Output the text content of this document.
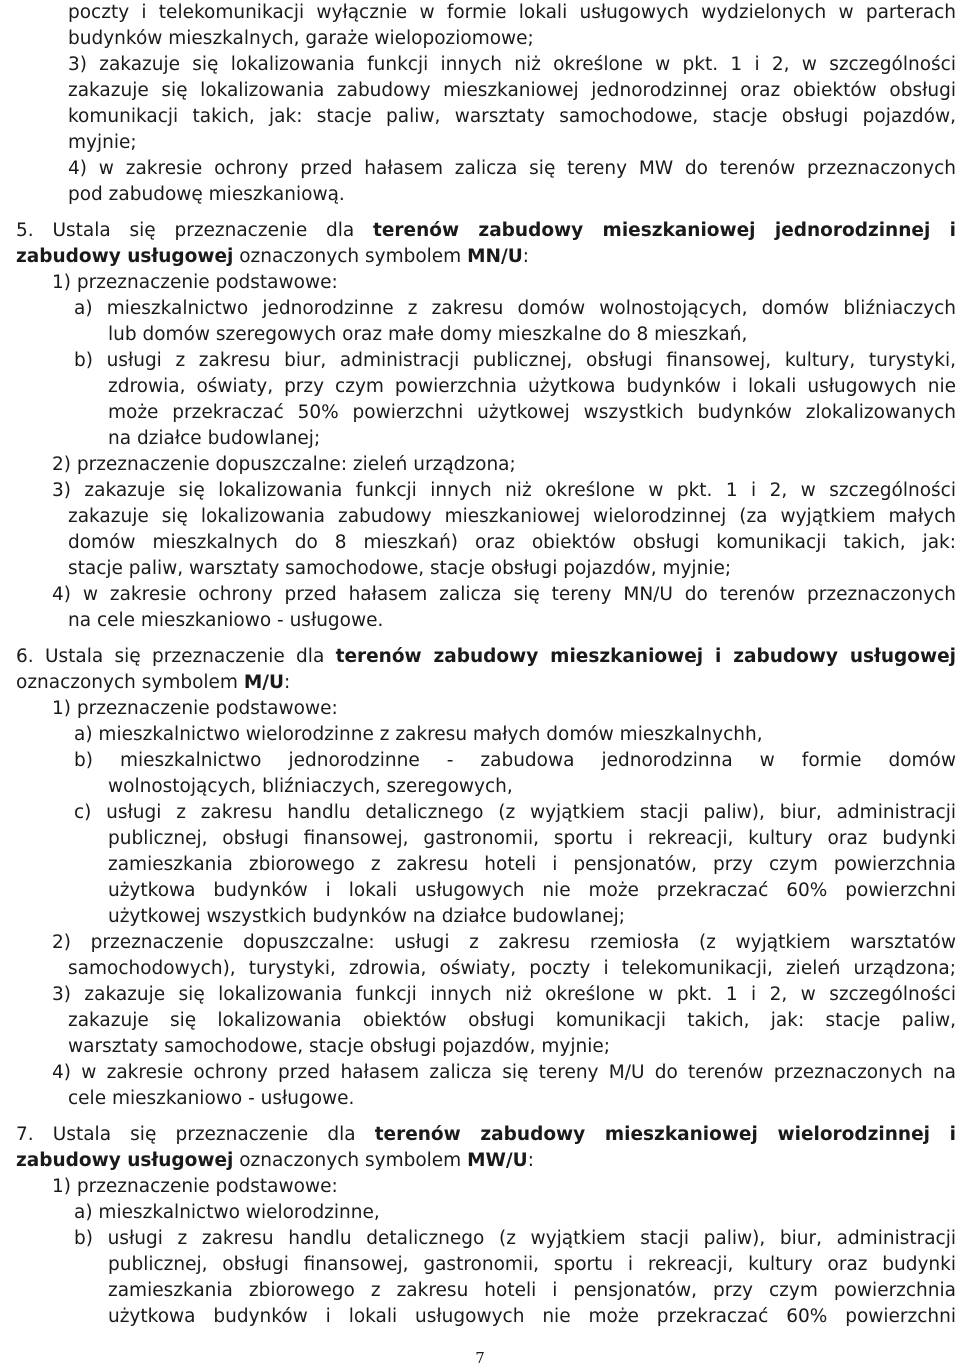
poczty i telekomunikacji wyłącznie w formie lokali usługowych wydzielonych w parterach
budynków mieszkalnych, garaże wielopoziomowe;
3) zakazuje się lokalizowania funkcji innych niż określone w pkt. 1 i 2, w szczególności
zakazuje się lokalizowania zabudowy mieszkaniowej jednorodzinnej oraz obiektów obsługi
komunikacji takich, jak: stacje paliw, warsztaty samochodowe, stacje obsługi pojazdów,
myjnie;
4) w zakresie ochrony przed hałasem zalicza się tereny MW do terenów przeznaczonych
pod zabudowę mieszkaniową.
5. Ustala się przeznaczenie dla terenów zabudowy mieszkaniowej jednorodzinnej i
zabudowy usługowej oznaczonych symbolem MN/U:
1) przeznaczenie podstawowe:
a) mieszkalnictwo jednorodzinne z zakresu domów wolnostojących, domów bliźniaczych
lub domów szeregowych oraz małe domy mieszkalne do 8 mieszkań,
b) usługi z zakresu biur, administracji publicznej, obsługi finansowej, kultury, turystyki,
zdrowia, oświaty, przy czym powierzchnia użytkowa budynków i lokali usługowych nie
może przekraczać 50% powierzchni użytkowej wszystkich budynków zlokalizowanych
na działce budowlanej;
2) przeznaczenie dopuszczalne: zieleń urządzona;
3) zakazuje się lokalizowania funkcji innych niż określone w pkt. 1 i 2, w szczególności
zakazuje się lokalizowania zabudowy mieszkaniowej wielorodzinnej (za wyjątkiem małych
domów mieszkalnych do 8 mieszkań) oraz obiektów obsługi komunikacji takich, jak:
stacje paliw, warsztaty samochodowe, stacje obsługi pojazdów, myjnie;
4) w zakresie ochrony przed hałasem zalicza się tereny MN/U do terenów przeznaczonych
na cele mieszkaniowo - usługowe.
6. Ustala się przeznaczenie dla terenów zabudowy mieszkaniowej i zabudowy usługowej
oznaczonych symbolem M/U:
1) przeznaczenie podstawowe:
a) mieszkalnictwo wielorodzinne z zakresu małych domów mieszkalnychh,
b) mieszkalnictwo jednorodzinne - zabudowa jednorodzinna w formie domów
wolnostojących, bliźniaczych, szeregowych,
c) usługi z zakresu handlu detalicznego (z wyjątkiem stacji paliw), biur, administracji
publicznej, obsługi finansowej, gastronomii, sportu i rekreacji, kultury oraz budynki
zamieszkania zbiorowego z zakresu hoteli i pensjonatów, przy czym powierzchnia
użytkowa budynków i lokali usługowych nie może przekraczać 60% powierzchni
użytkowej wszystkich budynków na działce budowlanej;
2) przeznaczenie dopuszczalne: usługi z zakresu rzemiosła (z wyjątkiem warsztatów
samochodowych), turystyki, zdrowia, oświaty, poczty i telekomunikacji, zieleń urządzona;
3) zakazuje się lokalizowania funkcji innych niż określone w pkt. 1 i 2, w szczególności
zakazuje się lokalizowania obiektów obsługi komunikacji takich, jak: stacje paliw,
warsztaty samochodowe, stacje obsługi pojazdów, myjnie;
4) w zakresie ochrony przed hałasem zalicza się tereny M/U do terenów przeznaczonych na
cele mieszkaniowo - usługowe.
7. Ustala się przeznaczenie dla terenów zabudowy mieszkaniowej wielorodzinnej i
zabudowy usługowej oznaczonych symbolem MW/U:
1) przeznaczenie podstawowe:
a) mieszkalnictwo wielorodzinne,
b) usługi z zakresu handlu detalicznego (z wyjątkiem stacji paliw), biur, administracji
publicznej, obsługi finansowej, gastronomii, sportu i rekreacji, kultury oraz budynki
zamieszkania zbiorowego z zakresu hoteli i pensjonatów, przy czym powierzchnia
użytkowa budynków i lokali usługowych nie może przekraczać 60% powierzchni
7
